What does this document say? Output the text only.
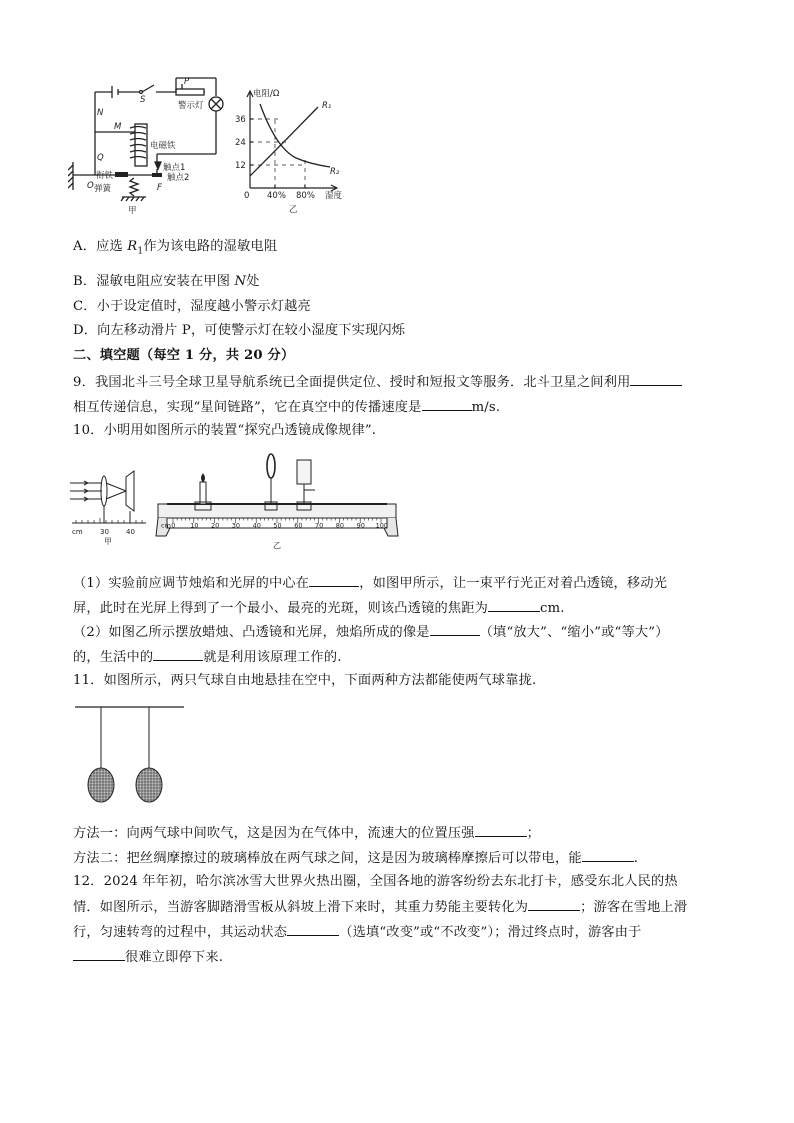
S
P
警示灯
N
M
Q
电磁铁
触点1
触点2
衔铁
弹簧
O	F
甲
电阻/Ω
36
24
12
0 40% 80% 湿度
R₁
R₂
乙
A．应选 $R_1$作为该电路的湿敏电阻
B．湿敏电阻应安装在甲图 N处
C．小于设定值时，湿度越小警示灯越亮
D．向左移动滑片 P，可使警示灯在较小湿度下实现闪烁
二、填空题（每空 1 分，共 20 分）
9．我国北斗三号全球卫星导航系统已全面提供定位、授时和短报文等服务．北斗卫星之间利用
相互传递信息，实现“星间链路”，它在真空中的传播速度是	m/s.
10．小明用如图所示的装置“探究凸透镜成像规律”.
cm 30 40
甲
0 10 20 30 40 50 60 70 80 90 100
cm
乙
（1）实验前应调节烛焰和光屏的中心在	，如图甲所示，让一束平行光正对着凸透镜，移动光
屏，此时在光屏上得到了一个最小、最亮的光斑，则该凸透镜的焦距为	cm.
（2）如图乙所示摆放蜡烛、凸透镜和光屏，烛焰所成的像是	（填“放大”、“缩小”或“等大”）
的，生活中的	就是利用该原理工作的.
11．如图所示，两只气球自由地悬挂在空中，下面两种方法都能使两气球靠拢.
方法一：向两气球中间吹气，这是因为在气体中，流速大的位置压强	；
方法二：把丝绸摩擦过的玻璃棒放在两气球之间，这是因为玻璃棒摩擦后可以带电，能	.
12．2024 年年初，哈尔滨冰雪大世界火热出圈，全国各地的游客纷纷去东北打卡，感受东北人民的热
情．如图所示，当游客脚踏滑雪板从斜坡上滑下来时，其重力势能主要转化为	；游客在雪地上滑
行，匀速转弯的过程中，其运动状态	（选填“改变”或“不改变”）；滑过终点时，游客由于
很难立即停下来.
